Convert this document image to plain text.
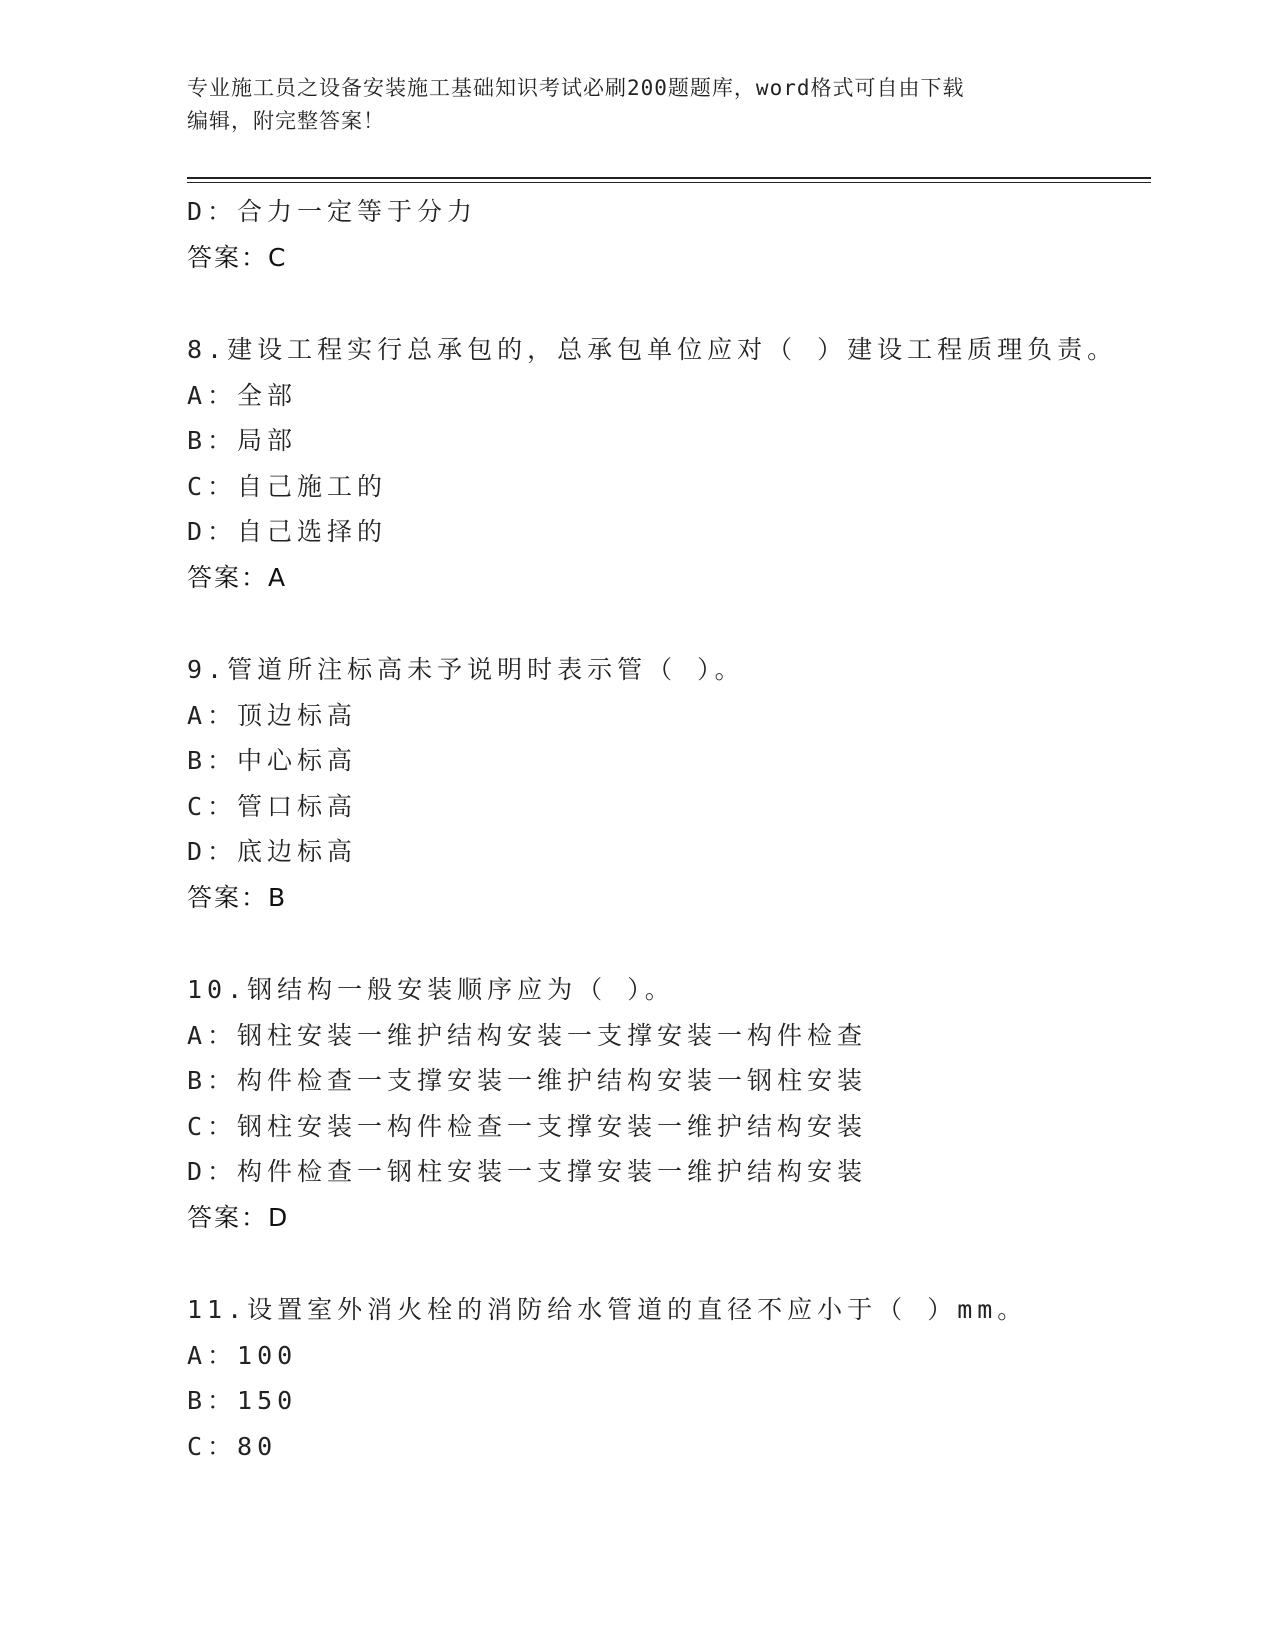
专业施工员之设备安装施工基础知识考试必刷200题题库，word格式可自由下载
编辑，附完整答案！
D：合力一定等于分力
答案：C
8.建设工程实行总承包的，总承包单位应对（ ）建设工程质理负责。
A：全部
B：局部
C：自己施工的
D：自己选择的
答案：A
9.管道所注标高未予说明时表示管（ ）。
A：顶边标高
B：中心标高
C：管口标高
D：底边标高
答案：B
10.钢结构一般安装顺序应为（ ）。
A：钢柱安装一维护结构安装一支撑安装一构件检查
B：构件检查一支撑安装一维护结构安装一钢柱安装
C：钢柱安装一构件检查一支撑安装一维护结构安装
D：构件检查一钢柱安装一支撑安装一维护结构安装
答案：D
11.设置室外消火栓的消防给水管道的直径不应小于（ ）mm。
A：100
B：150
C：80
